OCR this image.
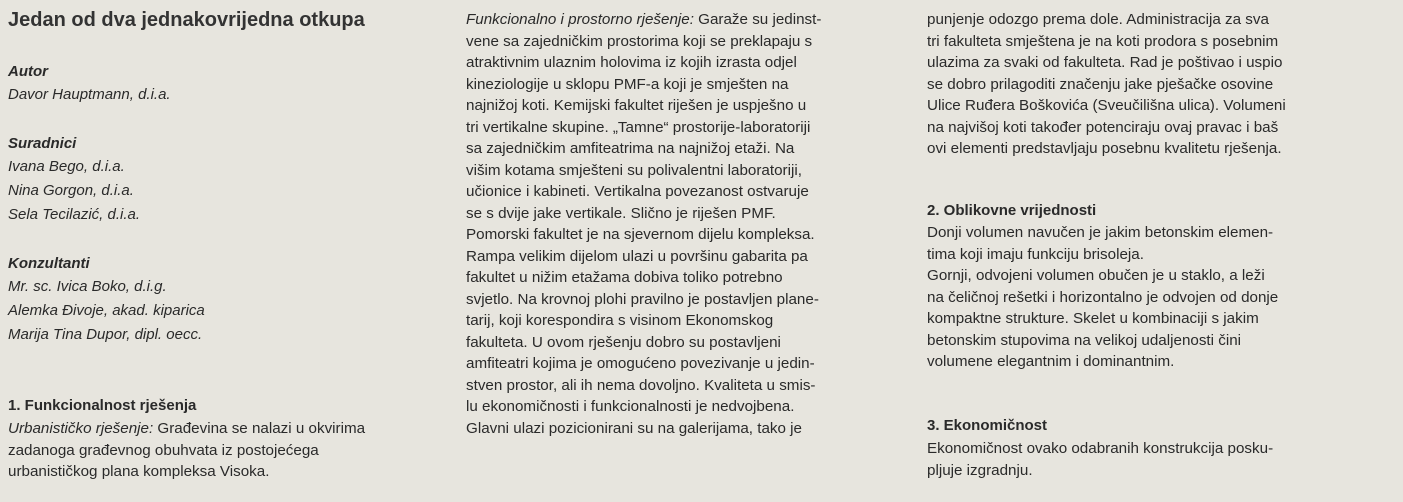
Jedan od dva jednakovrijedna otkupa
Autor
Davor Hauptmann, d.i.a.
Suradnici
Ivana Bego, d.i.a.
Nina Gorgon, d.i.a.
Sela Tecilazić, d.i.a.
Konzultanti
Mr. sc. Ivica Boko, d.i.g.
Alemka Đivoje, akad. kiparica
Marija Tina Dupor, dipl. oecc.
1. Funkcionalnost rješenja
Urbanističko rješenje: Građevina se nalazi u okvirima
zadanoga građevnog obuhvata iz postojećega
urbanističkog plana kompleksa Visoka.
Funkcionalno i prostorno rješenje: Garaže su jedinst-
vene sa zajedničkim prostorima koji se preklapaju s
atraktivnim ulaznim holovima iz kojih izrasta odjel
kineziologije u sklopu PMF-a koji je smješten na
najnižoj koti. Kemijski fakultet riješen je uspješno u
tri vertikalne skupine. „Tamne“ prostorije-laboratoriji
sa zajedničkim amfiteatrima na najnižoj etaži. Na
višim kotama smješteni su polivalentni laboratoriji,
učionice i kabineti. Vertikalna povezanost ostvaruje
se s dvije jake vertikale. Slično je riješen PMF.
Pomorski fakultet je na sjevernom dijelu kompleksa.
Rampa velikim dijelom ulazi u površinu gabarita pa
fakultet u nižim etažama dobiva toliko potrebno
svjetlo. Na krovnoj plohi pravilno je postavljen plane-
tarij, koji korespondira s visinom Ekonomskog
fakulteta. U ovom rješenju dobro su postavljeni
amfiteatri kojima je omogućeno povezivanje u jedin-
stven prostor, ali ih nema dovoljno. Kvaliteta u smis-
lu ekonomičnosti i funkcionalnosti je nedvojbena.
Glavni ulazi pozicionirani su na galerijama, tako je
punjenje odozgo prema dole. Administracija za sva
tri fakulteta smještena je na koti prodora s posebnim
ulazima za svaki od fakulteta. Rad je poštivao i uspio
se dobro prilagoditi značenju jake pješačke osovine
Ulice Ruđera Boškovića (Sveučilišna ulica). Volumeni
na najvišoj koti također potenciraju ovaj pravac i baš
ovi elementi predstavljaju posebnu kvalitetu rješenja.
2. Oblikovne vrijednosti
Donji volumen navučen je jakim betonskim elemen-
tima koji imaju funkciju brisoleja.
Gornji, odvojeni volumen obučen je u staklo, a leži
na čeličnoj rešetki i horizontalno je odvojen od donje
kompaktne strukture. Skelet u kombinaciji s jakim
betonskim stupovima na velikoj udaljenosti čini
volumene elegantnim i dominantnim.
3. Ekonomičnost
Ekonomičnost ovako odabranih konstrukcija posku-
pljuje izgradnju.
